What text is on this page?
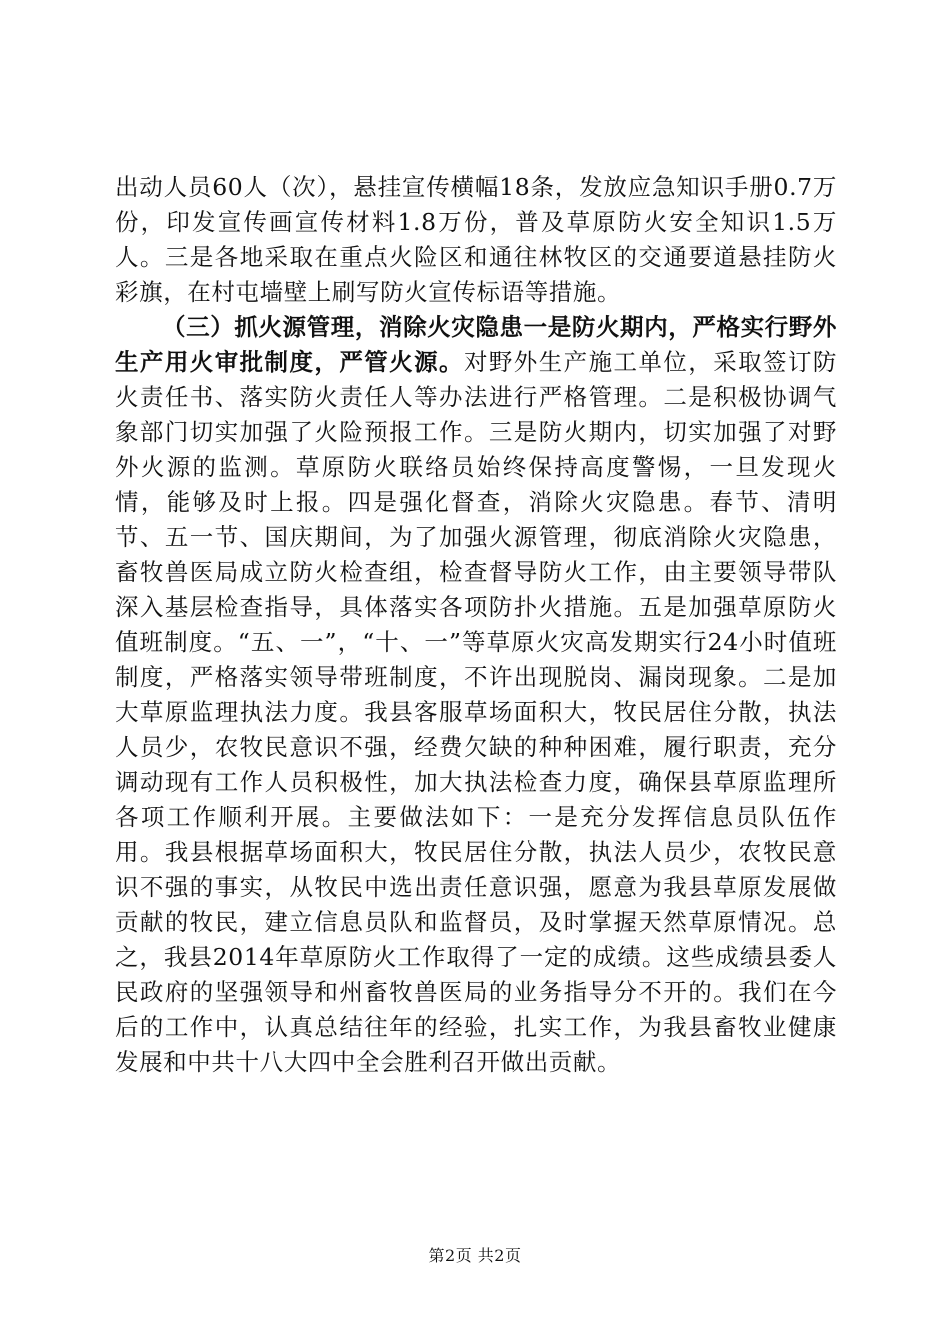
出动人员60人（次），悬挂宣传横幅18条，发放应急知识手册0.7万份，印发宣传画宣传材料1.8万份，普及草原防火安全知识1.5万人。三是各地采取在重点火险区和通往林牧区的交通要道悬挂防火彩旗，在村屯墙壁上刷写防火宣传标语等措施。

（三）抓火源管理，消除火灾隐患一是防火期内，严格实行野外生产用火审批制度，严管火源。对野外生产施工单位，采取签订防火责任书、落实防火责任人等办法进行严格管理。二是积极协调气象部门切实加强了火险预报工作。三是防火期内，切实加强了对野外火源的监测。草原防火联络员始终保持高度警惕，一旦发现火情，能够及时上报。四是强化督查，消除火灾隐患。春节、清明节、五一节、国庆期间，为了加强火源管理，彻底消除火灾隐患，畜牧兽医局成立防火检查组，检查督导防火工作，由主要领导带队深入基层检查指导，具体落实各项防扑火措施。五是加强草原防火值班制度。“五、一”，“十、一”等草原火灾高发期实行24小时值班制度，严格落实领导带班制度，不许出现脱岗、漏岗现象。二是加大草原监理执法力度。我县客服草场面积大，牧民居住分散，执法人员少，农牧民意识不强，经费欠缺的种种困难，履行职责，充分调动现有工作人员积极性，加大执法检查力度，确保县草原监理所各项工作顺利开展。主要做法如下：一是充分发挥信息员队伍作用。我县根据草场面积大，牧民居住分散，执法人员少，农牧民意识不强的事实，从牧民中选出责任意识强，愿意为我县草原发展做贡献的牧民，建立信息员队和监督员，及时掌握天然草原情况。总之，我县2014年草原防火工作取得了一定的成绩。这些成绩县委人民政府的坚强领导和州畜牧兽医局的业务指导分不开的。我们在今后的工作中，认真总结往年的经验，扎实工作，为我县畜牧业健康发展和中共十八大四中全会胜利召开做出贡献。

第2页 共2页
